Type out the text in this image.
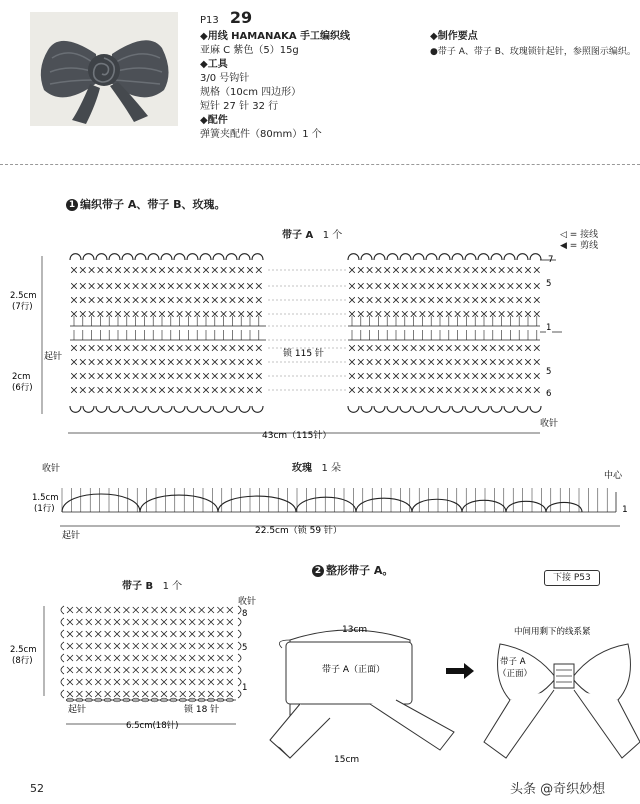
P13 29
◆用线 HAMANAKA 手工编织线
亚麻 C 紫色（5）15g
◆工具
3/0 号钩针
规格（10cm 四边形）
短针 27 针 32 行
◆配件
弹簧夹配件（80mm）1 个
◆制作要点
●带子 A、带子 B、玫瑰锁针起针，参照图示编织。
1 编织带子 A、带子 B、玫瑰。
带子 A 1 个	◁ = 接线
◀ = 剪线
2.5cm
(7行)
2cm
(6行)
起针	锁 115 针
43cm（115针）
收针
7
5
1
5
6
玫瑰 1 朵
收针
中心
1.5cm
(1行)
起针	22.5cm（锁 59 针）
1
2 整形带子 A。
下接 P53
带子 B 1 个
2.5cm
(8行)
收针
起针	锁 18 针
6.5cm(18针)
8
5
1
带子 A（正面）
13cm
15cm
中间用剩下的线系紧
带子 A
（正面）
52	头条 @奇织妙想
